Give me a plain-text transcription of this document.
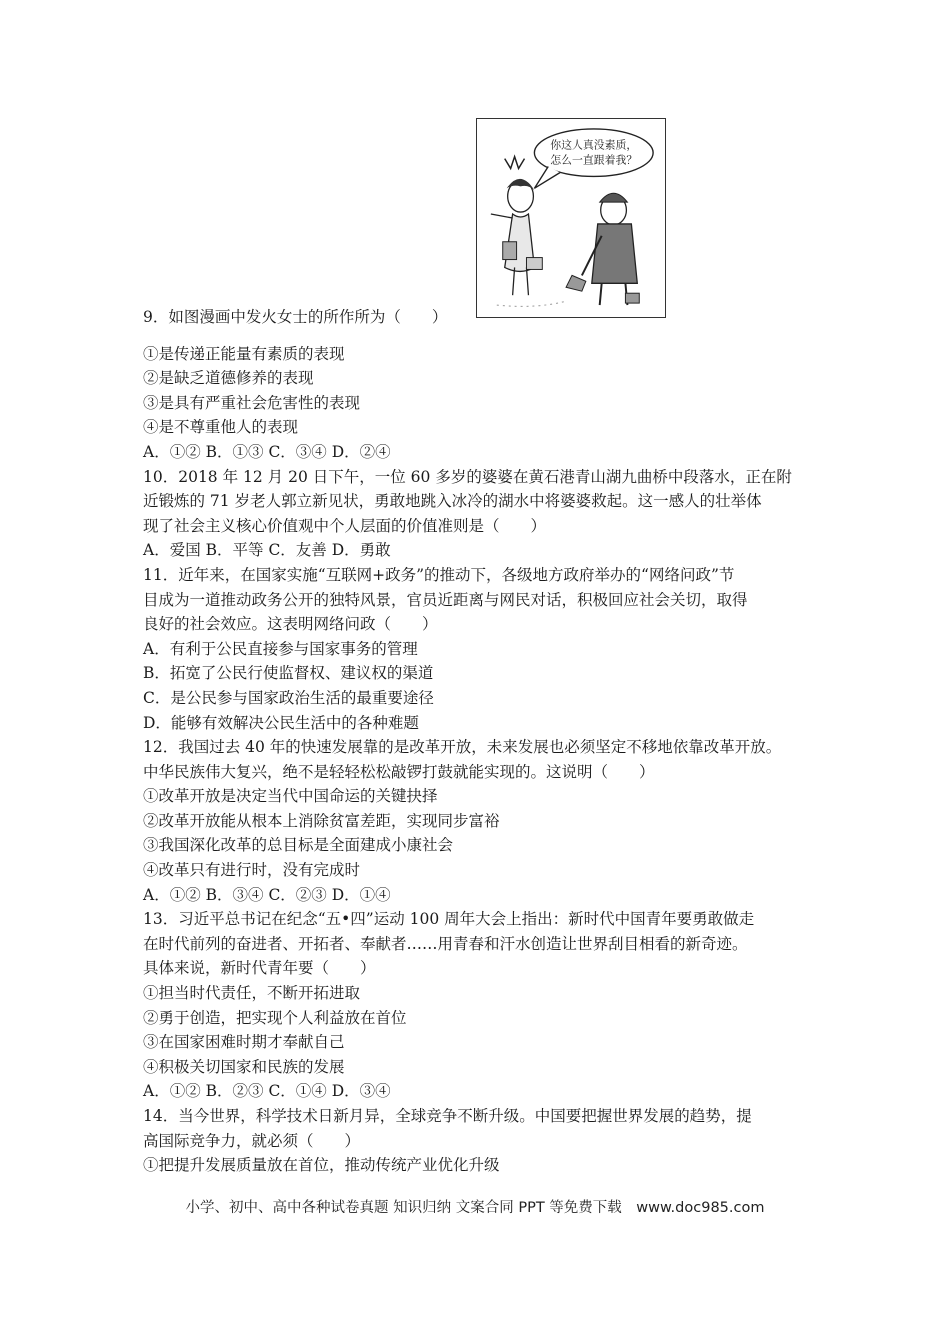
你这人真没素质，
怎么一直跟着我？
9．如图漫画中发火女士的所作所为（　　）
①是传递正能量有素质的表现
②是缺乏道德修养的表现
③是具有严重社会危害性的表现
④是不尊重他人的表现
A．①② B．①③ C．③④ D．②④
10．2018 年 12 月 20 日下午，一位 60 多岁的婆婆在黄石港青山湖九曲桥中段落水，正在附
近锻炼的 71 岁老人郭立新见状，勇敢地跳入冰冷的湖水中将婆婆救起。这一感人的壮举体
现了社会主义核心价值观中个人层面的价值准则是（　　）
A．爱国 B．平等 C．友善 D．勇敢
11．近年来，在国家实施“互联网+政务”的推动下，各级地方政府举办的“网络问政”节
目成为一道推动政务公开的独特风景，官员近距离与网民对话，积极回应社会关切，取得
良好的社会效应。这表明网络问政（　　）
A．有利于公民直接参与国家事务的管理
B．拓宽了公民行使监督权、建议权的渠道
C．是公民参与国家政治生活的最重要途径
D．能够有效解决公民生活中的各种难题
12．我国过去 40 年的快速发展靠的是改革开放，未来发展也必须坚定不移地依靠改革开放。
中华民族伟大复兴，绝不是轻轻松松敲锣打鼓就能实现的。这说明（　　）
①改革开放是决定当代中国命运的关键抉择
②改革开放能从根本上消除贫富差距，实现同步富裕
③我国深化改革的总目标是全面建成小康社会
④改革只有进行时，没有完成时
A．①② B．③④ C．②③ D．①④
13．习近平总书记在纪念“五•四”运动 100 周年大会上指出：新时代中国青年要勇敢做走
在时代前列的奋进者、开拓者、奉献者……用青春和汗水创造让世界刮目相看的新奇迹。
具体来说，新时代青年要（　　）
①担当时代责任，不断开拓进取
②勇于创造，把实现个人利益放在首位
③在国家困难时期才奉献自己
④积极关切国家和民族的发展
A．①② B．②③ C．①④ D．③④
14．当今世界，科学技术日新月异，全球竞争不断升级。中国要把握世界发展的趋势，提
高国际竞争力，就必须（　　）
①把提升发展质量放在首位，推动传统产业优化升级
小学、初中、高中各种试卷真题 知识归纳 文案合同 PPT 等免费下载　www.doc985.com
